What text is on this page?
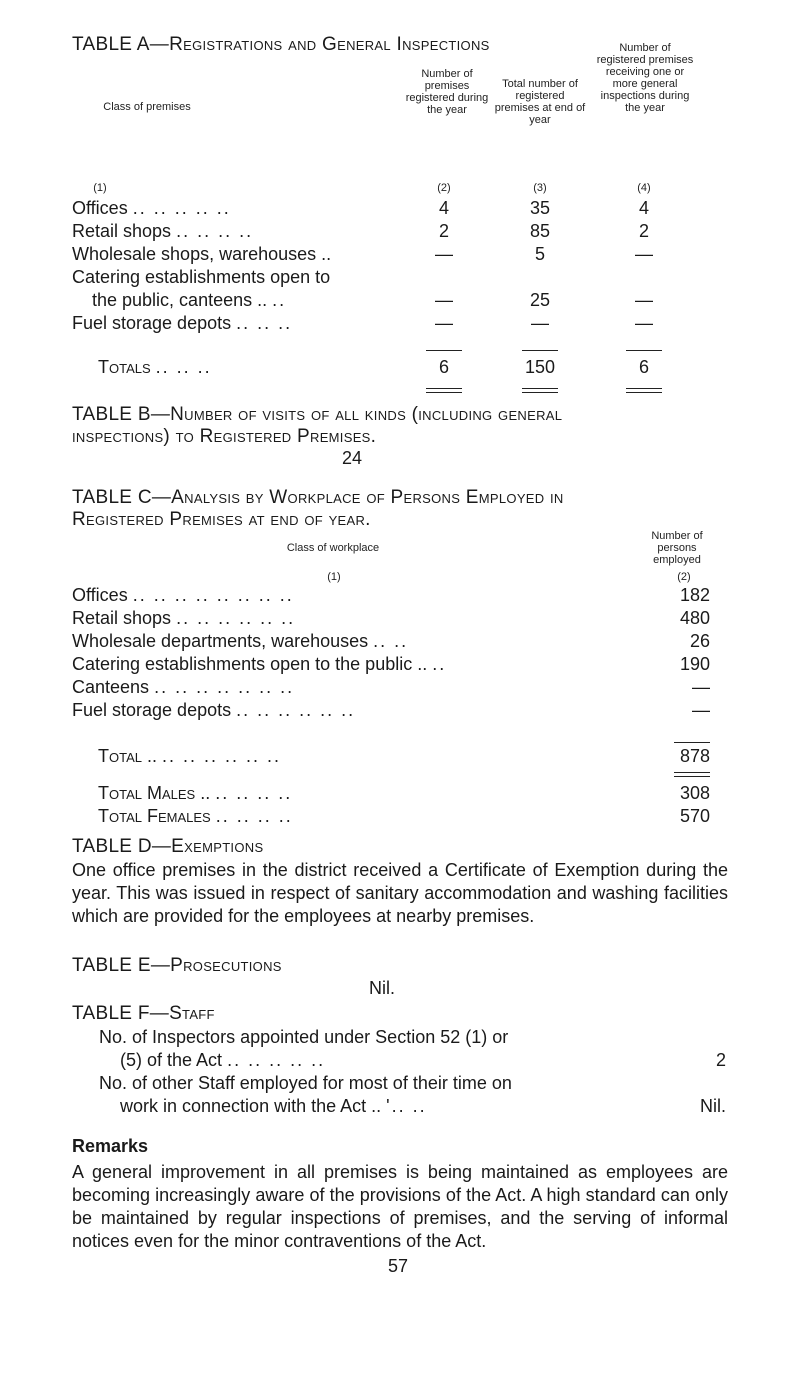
TABLE A—Registrations and General Inspections
Class of premises
Number of premises registered during the year
Total number of registered premises at end of year
Number of registered premises receiving one or more general inspections during the year
(1)	(2)	(3)	(4)
Offices .. .. .. .. ..	4	35	4
Retail shops .. .. .. ..	2	85	2
Wholesale shops, warehouses ..	—	5	—
Catering establishments open to
the public, canteens .. ..	—	25	—
Fuel storage depots .. .. ..	—	—	—
Totals .. .. ..	6	150	6
TABLE B—Number of visits of all kinds (including general
inspections) to Registered Premises.
24
TABLE C—Analysis by Workplace of Persons Employed in
Registered Premises at end of year.
Class of workplace
Number of persons employed
(1)	(2)
Offices .. .. .. .. .. .. .. ..	182
Retail shops .. .. .. .. .. ..	480
Wholesale departments, warehouses .. ..	26
Catering establishments open to the public .. ..	190
Canteens .. .. .. .. .. .. ..	—
Fuel storage depots .. .. .. .. .. ..	—
Total .. .. .. .. .. .. ..	878
Total Males .. .. .. .. ..	308
Total Females .. .. .. ..	570
TABLE D—Exemptions
One office premises in the district received a Certificate of Exemption during the year. This was issued in respect of sanitary accommodation and washing facilities which are provided for the employees at nearby premises.
TABLE E—Prosecutions
Nil.
TABLE F—Staff
No. of Inspectors appointed under Section 52 (1) or
(5) of the Act .. .. .. .. ..	2
No. of other Staff employed for most of their time on
work in connection with the Act .. '.. ..	Nil.
Remarks
A general improvement in all premises is being maintained as employees are becoming increasingly aware of the provisions of the Act. A high standard can only be maintained by regular inspections of premises, and the serving of informal notices even for the minor contraventions of the Act.
57
